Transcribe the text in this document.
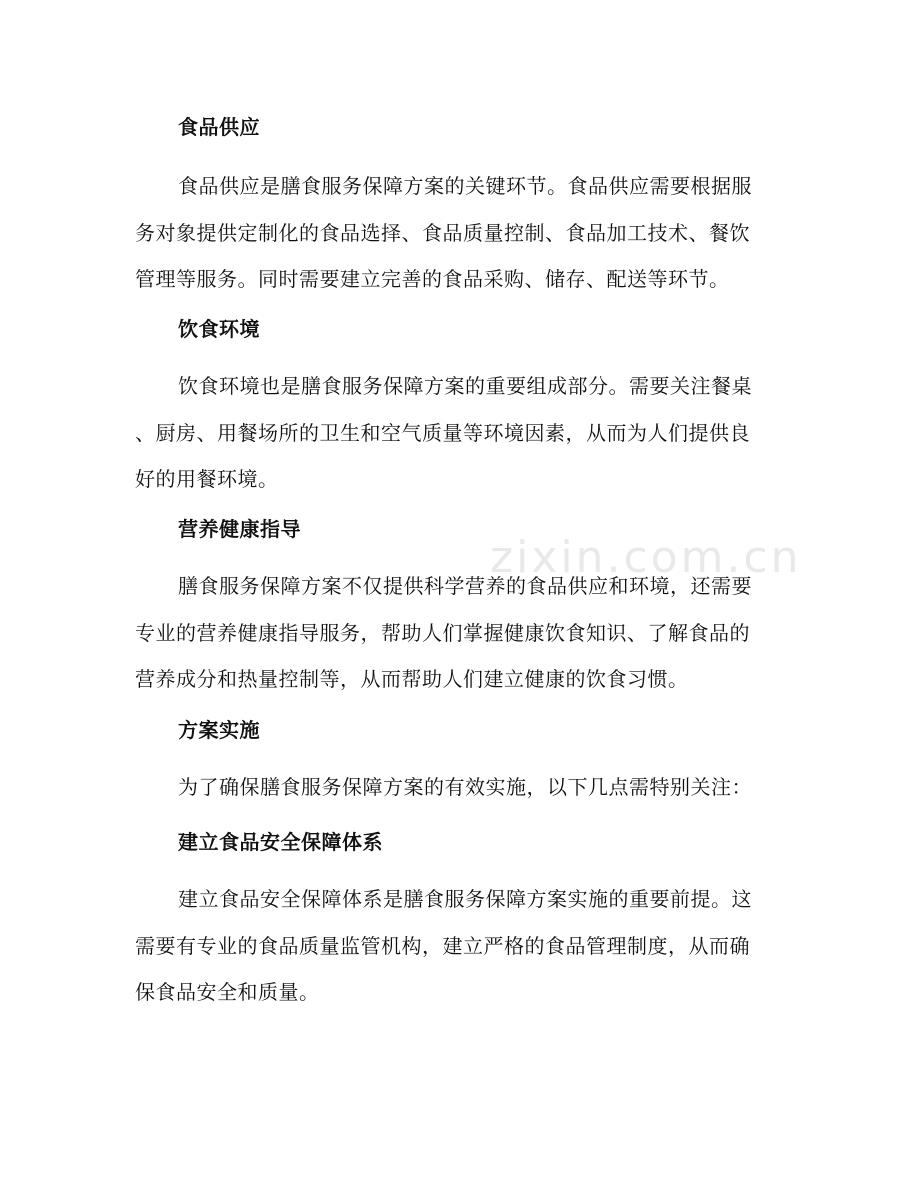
食品供应
食品供应是膳食服务保障方案的关键环节。食品供应需要根据服
务对象提供定制化的食品选择、食品质量控制、食品加工技术、餐饮
管理等服务。同时需要建立完善的食品采购、储存、配送等环节。
饮食环境
饮食环境也是膳食服务保障方案的重要组成部分。需要关注餐桌
、厨房、用餐场所的卫生和空气质量等环境因素，从而为人们提供良
好的用餐环境。
营养健康指导
膳食服务保障方案不仅提供科学营养的食品供应和环境，还需要
专业的营养健康指导服务，帮助人们掌握健康饮食知识、了解食品的
营养成分和热量控制等，从而帮助人们建立健康的饮食习惯。
方案实施
为了确保膳食服务保障方案的有效实施，以下几点需特别关注：
建立食品安全保障体系
建立食品安全保障体系是膳食服务保障方案实施的重要前提。这
需要有专业的食品质量监管机构，建立严格的食品管理制度，从而确
保食品安全和质量。
zixin.com.cn
